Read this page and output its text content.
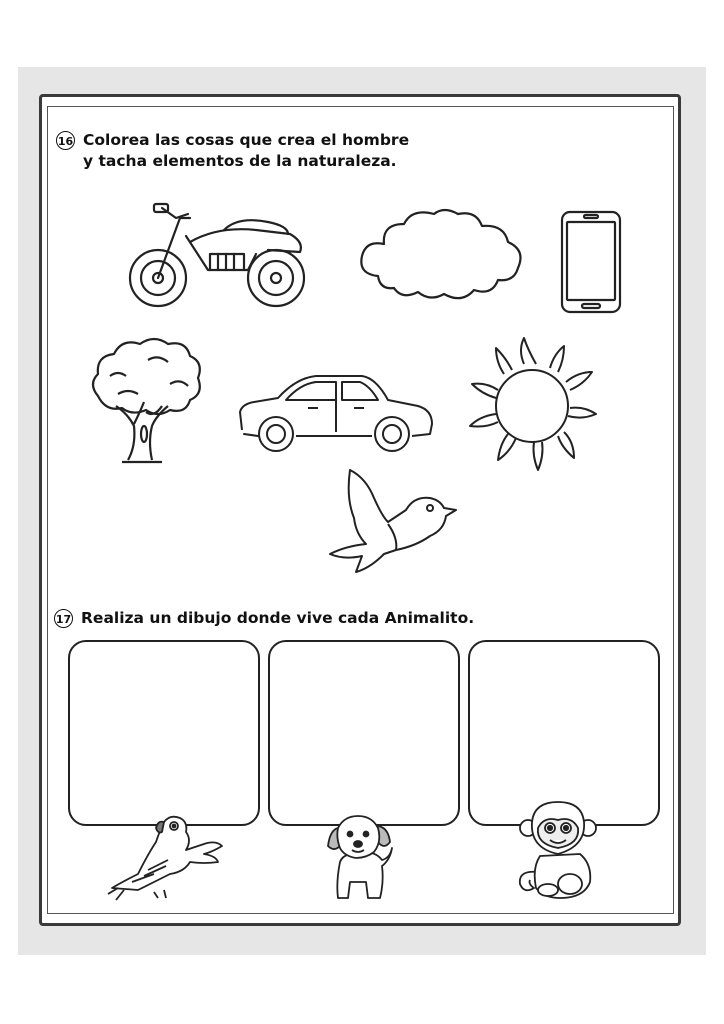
16 Colorea las cosas que crea el hombre
y tacha elementos de la naturaleza.
17 Realiza un dibujo donde vive cada Animalito.
